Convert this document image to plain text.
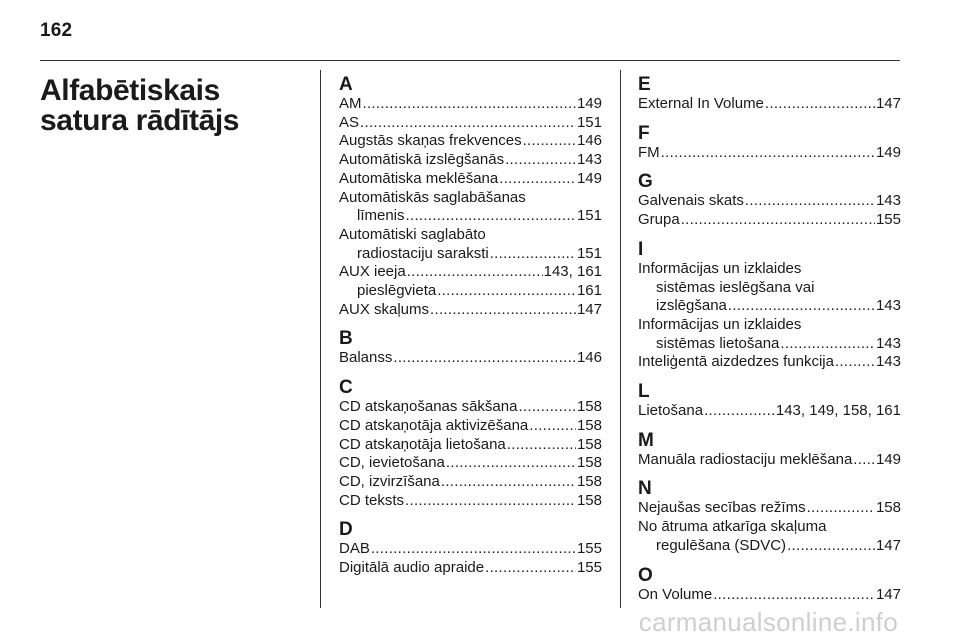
162
Alfabētiskais satura rādītājs
A
AM .....	149
AS .....	151
Augstās skaņas frekvences .....	146
Automātiskā izslēgšanās .....	143
Automātiska meklēšana .....	149
Automātiskās saglabāšanas
līmenis .....	151
Automātiski saglabāto
radiostaciju saraksti .....	151
AUX ieeja .....	143, 161
pieslēgvieta .....	161
AUX skaļums .....	147
B
Balanss .....	146
C
CD atskaņošanas sākšana .....	158
CD atskaņotāja aktivizēšana .....	158
CD atskaņotāja lietošana .....	158
CD, ievietošana .....	158
CD, izvirzīšana .....	158
CD teksts .....	158
D
DAB .....	155
Digitālā audio apraide .....	155
E
External In Volume .....	147
F
FM .....	149
G
Galvenais skats .....	143
Grupa .....	155
I
Informācijas un izklaides
sistēmas ieslēgšana vai
izslēgšana .....	143
Informācijas un izklaides
sistēmas lietošana .....	143
Inteliģentā aizdedzes funkcija .....	143
L
Lietošana .....	143, 149, 158, 161
M
Manuāla radiostaciju meklēšana ..... 149
N
Nejaušas secības režīms .....	158
No ātruma atkarīga skaļuma
regulēšana (SDVC) .....	147
O
On Volume .....	147
carmanualsonline.info
